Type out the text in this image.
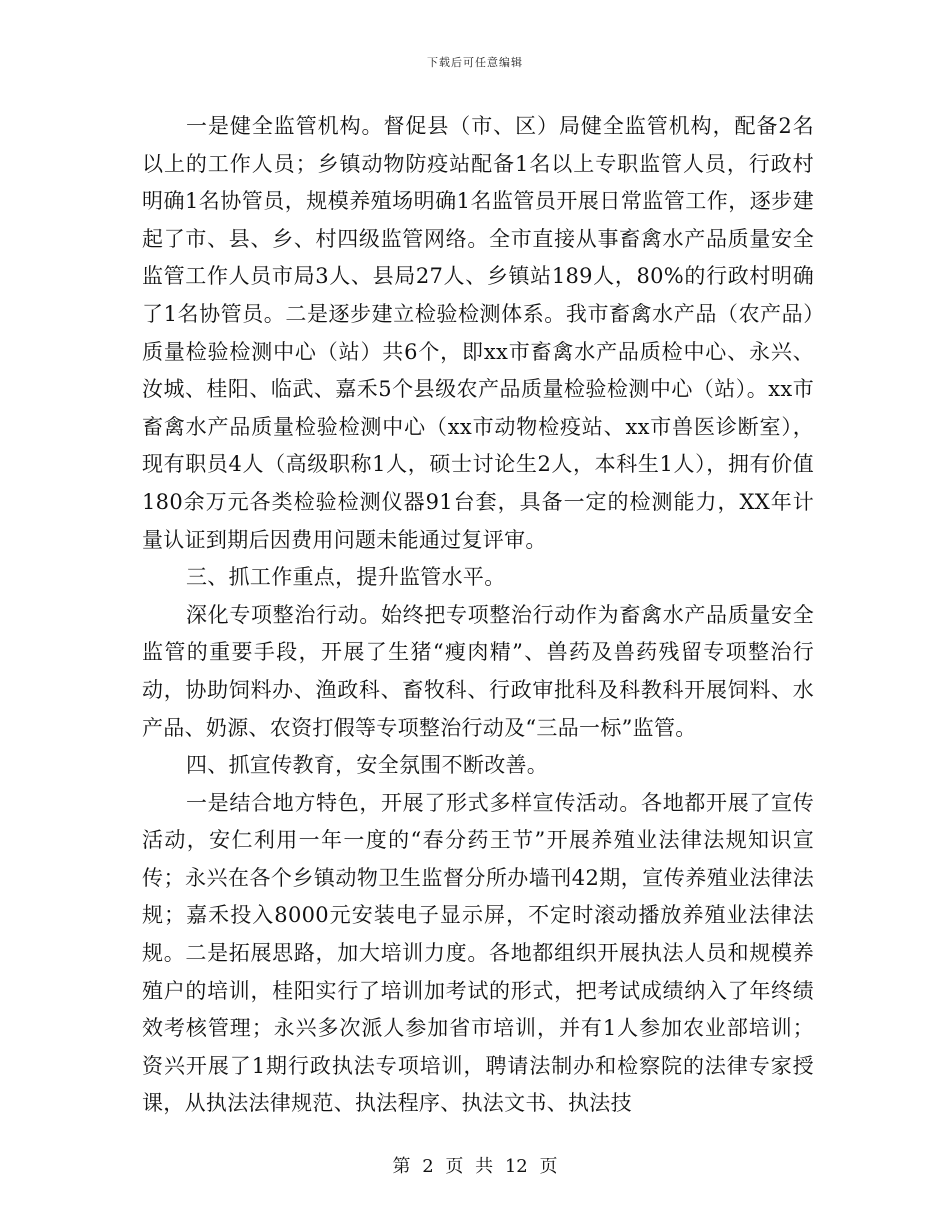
下载后可任意编辑

一是健全监管机构。督促县（市、区）局健全监管机构，配备2名以上的工作人员；乡镇动物防疫站配备1名以上专职监管人员，行政村明确1名协管员，规模养殖场明确1名监管员开展日常监管工作，逐步建起了市、县、乡、村四级监管网络。全市直接从事畜禽水产品质量安全监管工作人员市局3人、县局27人、乡镇站189人，80%的行政村明确了1名协管员。二是逐步建立检验检测体系。我市畜禽水产品（农产品）质量检验检测中心（站）共6个，即xx市畜禽水产品质检中心、永兴、汝城、桂阳、临武、嘉禾5个县级农产品质量检验检测中心（站）。xx市畜禽水产品质量检验检测中心（xx市动物检疫站、xx市兽医诊断室），现有职员4人（高级职称1人，硕士讨论生2人，本科生1人），拥有价值180余万元各类检验检测仪器91台套，具备一定的检测能力，XX年计量认证到期后因费用问题未能通过复评审。

三、抓工作重点，提升监管水平。

深化专项整治行动。始终把专项整治行动作为畜禽水产品质量安全监管的重要手段，开展了生猪“瘦肉精”、兽药及兽药残留专项整治行动，协助饲料办、渔政科、畜牧科、行政审批科及科教科开展饲料、水产品、奶源、农资打假等专项整治行动及“三品一标”监管。

四、抓宣传教育，安全氛围不断改善。

一是结合地方特色，开展了形式多样宣传活动。各地都开展了宣传活动，安仁利用一年一度的“春分药王节”开展养殖业法律法规知识宣传；永兴在各个乡镇动物卫生监督分所办墙刊42期，宣传养殖业法律法规；嘉禾投入8000元安装电子显示屏，不定时滚动播放养殖业法律法规。二是拓展思路，加大培训力度。各地都组织开展执法人员和规模养殖户的培训，桂阳实行了培训加考试的形式，把考试成绩纳入了年终绩效考核管理；永兴多次派人参加省市培训，并有1人参加农业部培训；资兴开展了1期行政执法专项培训，聘请法制办和检察院的法律专家授课，从执法法律规范、执法程序、执法文书、执法技

第 2 页 共 12 页
